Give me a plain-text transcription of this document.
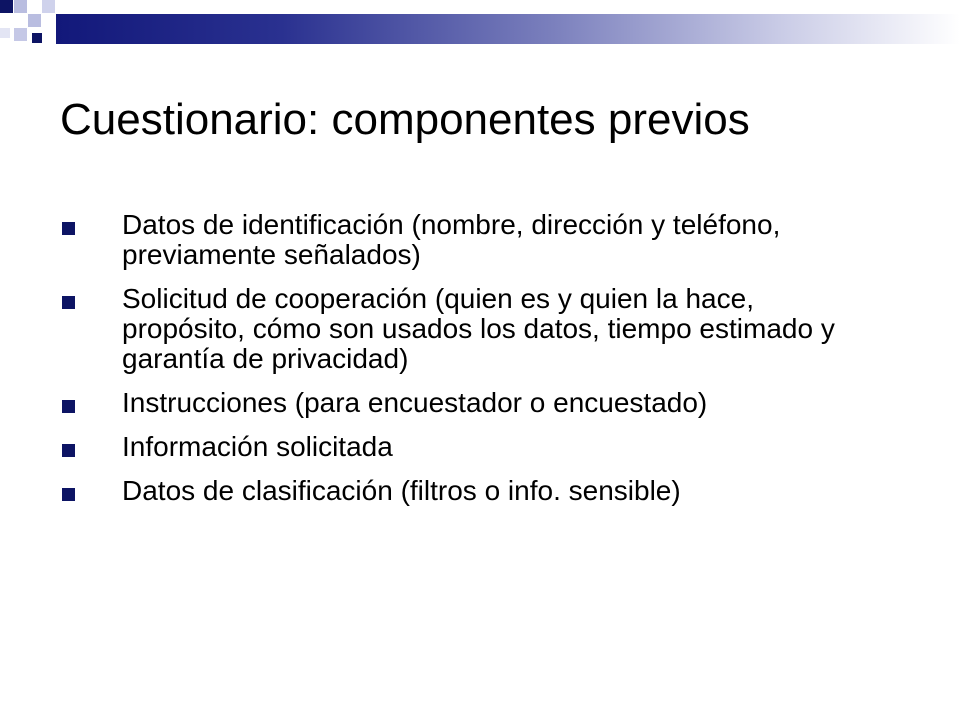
Cuestionario: componentes previos
Datos de identificación (nombre, dirección y teléfono, previamente señalados)
Solicitud de cooperación (quien es y quien la hace, propósito, cómo son usados los datos, tiempo estimado y garantía de privacidad)
Instrucciones (para encuestador o encuestado)
Información solicitada
Datos de clasificación (filtros o info. sensible)
